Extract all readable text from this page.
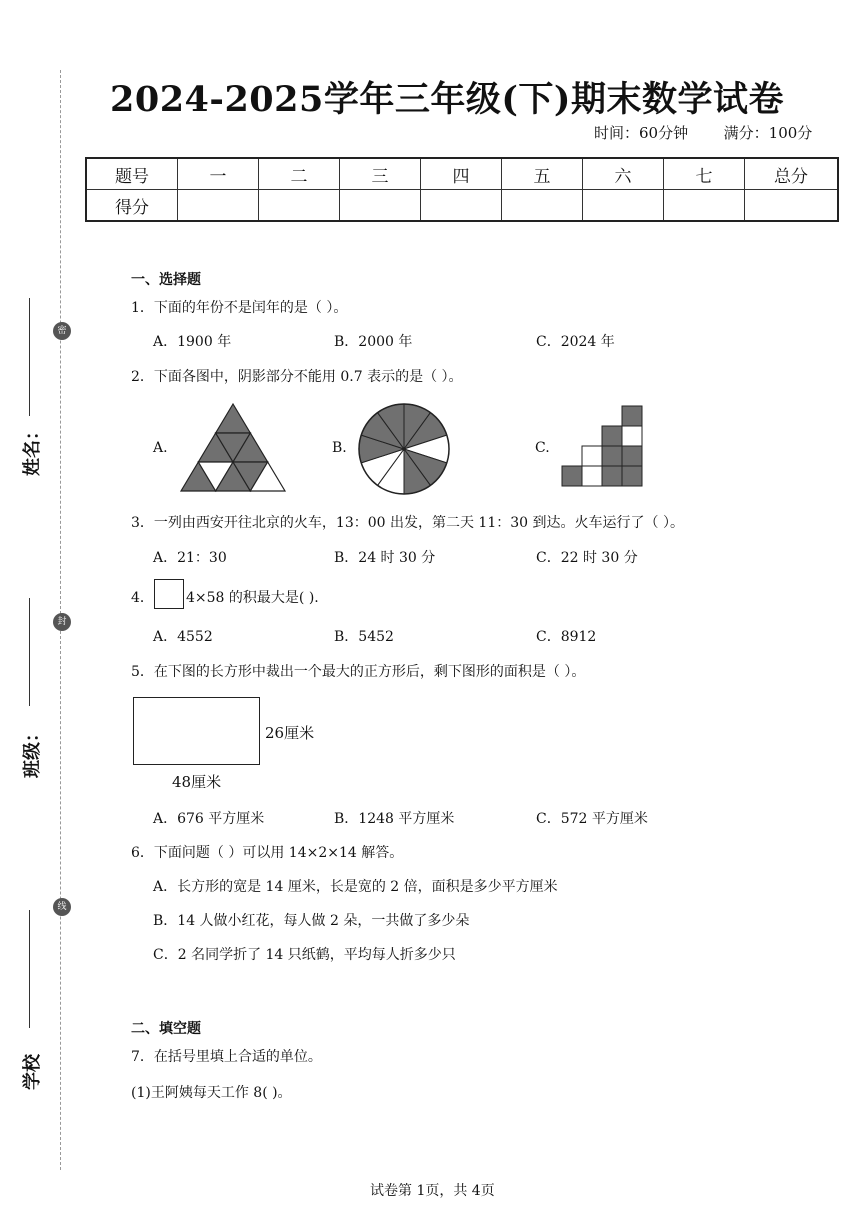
姓名：
班级：
学校
密
封
线
2024-2025学年三年级(下)期末数学试卷
时间：60分钟 满分：100分
题号	一	二	三	四	五	六	七	总分
得分								
一、选择题
1．下面的年份不是闰年的是（ ）。
A．1900 年	B．2000 年	C．2024 年
2．下面各图中，阴影部分不能用 0.7 表示的是（ ）。
A.	B.	C.
3．一列由西安开往北京的火车，13：00 出发，第二天 11：30 到达。火车运行了（ ）。
A．21：30	B．24 时 30 分	C．22 时 30 分
4． 4×58 的积最大是( ).
A．4552	B．5452	C．8912
5．在下图的长方形中裁出一个最大的正方形后，剩下图形的面积是（ ）。
26厘米
48厘米
A．676 平方厘米	B．1248 平方厘米	C．572 平方厘米
6．下面问题（ ）可以用 14×2×14 解答。
A．长方形的宽是 14 厘米，长是宽的 2 倍，面积是多少平方厘米
B．14 人做小红花，每人做 2 朵，一共做了多少朵
C．2 名同学折了 14 只纸鹤，平均每人折多少只
二、填空题
7．在括号里填上合适的单位。
(1)王阿姨每天工作 8( )。
试卷第 1页，共 4页
